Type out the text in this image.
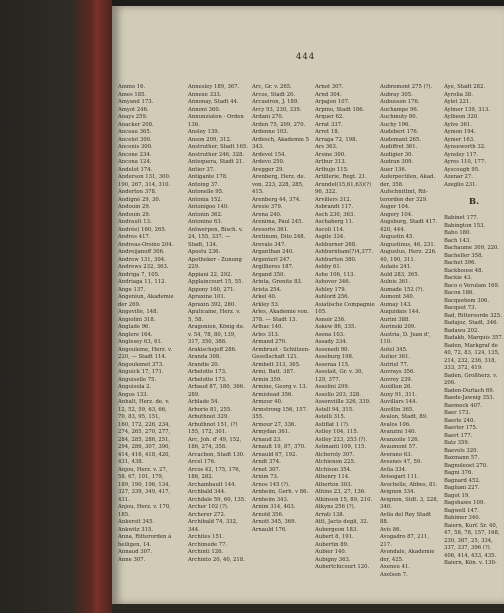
444
Ammo 16.
Ames 185.
Amyand 173.
Amyot 246.
Anays 259.
Anacker 208.
Anceau 365.
Ancelot 300.
Ancenis 300.
Ancone 234.
Ancona 124.
Andelot 174.
Anderson 131, 300.
190, 267, 314, 310.
Anderton 378.
Andigné 29, 30.
Andouin 29.
Andouin 29.
Andrault 13.
Andrée) 160, 265.
Andres 417.
Andreas-Orsino 204.
Andreijanoff 306.
Andrew 131, 304.
Andrews 232, 363.
Andriga 7, 105.
Andriaga 11, 112.
Ange 137.
Angeniun, Akademie
der 269.
Angeville, 148.
Angiolini 318.
Anglade 96.
Anglere 164.
Anglesey 63, 61.
Angouleme, Herz. v.
220, — Stadt 114.
Angoulemet 373.
Anguick 17, 171.
Anguiselle 75.
Anguisola 2.
Angus 133.
Anhalt, Herz. de. v.
12, 52, 59, 63, 66,
70, 83, 95, 151,
160, 172, 226, 234,
274, 265, 270, 277,
284, 285, 286, 251,
294, 286, 307, 390,
414, 416, 418, 420,
431, 438.
Anjou, Herz. v. 27,
58, 67, 101, 179,
189, 190, 196, 134,
327, 339, 349, 417,
431.
Anjou, Herz. v. 170,
185.
Ankersit 345.
Ankwitz 315.
Anna, Ritterorden à
heiligen, 14.
Annaud 307.
Anne 307.
Annesley 189, 367.
Annexe 333.
Annonay, Stadt 44.
Annoni 360.
Annunziaten - Orden
136.
Ansley 139.
Anson 209, 312.
Anstruther, Stadt 165.
Anstruther 246, 328.
Antequera, Stadt 21.
Antier 37.
Antigante 178.
Antoing 37.
Antonelle 95.
Antonia 152.
Antonigoo 140.
Antonin 362.
Antonine 63.
Antwerpen, Bisch. v.
24, 155, 337. —
Stadt, 134.
Apostu 236.
Apotheker - Zunung
229.
Appiani 22, 292.
Applaincourt 15, 55.
Appony 160, 271.
Apraxine 101.
Apraxin 392, 280.
Apulicaine, Herz. v.
5, 58.
Aragonien, König de.
v. 54, 78, 80, 139,
317, 350, 388.
Arakischejeff 286.
Aranda 308.
Arandie 20.
Arbelotte 173.
Arbelotte 173.
Arbaud 87, 180, 366.
289.
Arblade 54.
Arborio 81, 255.
Arbuthnot 329.
Arbuthnot 151, (?)
155, 172, 301.
Arc, Joh. d' 49, 152,
186, 274, 358.
Arcachon, Stadt 130.
Arcel 176.
Arcos 42, 175, 176,
186, 282.
Archambault 144.
Archbald 344.
Archdale 59, 60, 135.
Archer 102 (?).
Archerer 272.
Archibald 74, 332,
344.
Archites 151.
Archimede 77.
Archinti 126.
Archinto 20, 40, 218.
Arc, Gr. v. 265.
Arcos, Stadt 20.
Arcueiron, J. 189.
Arcy 93, 230, 339.
Ardani 270.
Arden 75, 209, 270.
Ardenne 103.
Ardesch, Akademie 5
343.
Ardevel 154.
Ardevo 250.
Aregger 29.
Arenberg, Herz. de.
von, 223, 228, 285,
415.
Arenberg 44, 374.
Aresio 379.
Arena 240.
Arenima, Paul 245.
Aresorto 361.
Aretinum, Dito 248.
Arevalo 347.
Arganthan 240.
Argenterl 247.
Argillieres 187.
Argand 350.
Arinta, Grenite 83.
Arista 254.
Arkel 40.
Arkley 53.
Arles, Akademie von.
378. — Stadt 13.
Arlhac 140.
Arles 313.
Armand 270.
Armbruet - Schützen-
Gesellschaft 121.
Armbelt 313, 365.
Armi, Batt. 387.
Armin 359.
Armine, Georg v. 13.
Armistead 356.
Armour 40.
Armstrong 156, 157.
355.
Armour 27, 336.
Armydan 361.
Arnaud 23.
Arnault 19, 87, 370.
Arnauld 67, 192.
Arndt 374.
Arnet 307.
Arnim 73.
Arnos 145 (?).
Arnheim, Gerh. v 86.
Arnheim 343.
Arnim 314, 403.
Arnold 356.
Arnott 345, 369.
Arnauld 176.
Arnot 307.
Arnd 304.
Arpajon 107.
Arpino, Stadt 186.
Arquer 62.
Arrat 337.
Arret 18.
Arraga 72, 198.
Ars 363.
Arsine 300.
Arthur 313.
Arthujo 115.
Artillerie, Regt. 21.
Arundel(15,61,63)(?)
96, 322.
Arvillers 312.
Asbrandt 117.
Asch 230, 363.
Aschaberg 11.
Ascoli 114.
Asgile 334.
Ashburner 268.
Ashburnham(?)4,377.
Ashburton 380.
Ashby 61.
Ashe 106, 113.
Ashover 346.
Ashley 179.
Ashlord 256.
Asiatische Compagnie
105.
Asnoir 236.
Askew 86, 335.
Asona 103.
Assady 334.
Assenedi 90.
Asseburg 198.
Asseraa 115.
Assolait, Gr. v. 30,
129, 377.
Assolini 299.
Assollo 203, 328.
Assonviille 326, 339.
Astell 94, 315.
Astelli 315.
Astiflat 1 (?).
Astley 104, 115.
Astley 223, 253 (?).
Astmanti 109, 115.
Atcheroly 307.
Atchienon 225.
Atchison 354.
Athenry 114.
Atherton 303.
Athins 23, 27, 136.
Atkinson 15, 89, 210.
Atkyns 256 (?).
Arrati 138.
Attl, Jacto degli, 32.
Aubergeon 183.
Aubert 8, 191.
Aubertin 89.
Aubier 140.
Aubigny 363.
Aubertchicourt 120.
Aubremont 275 (?).
Aubray 305.
Aubusson 176.
Auchampe 96.
Auchmuty 80.
Auchy 196.
Audebert 176.
Audemant 265.
Audiffret 361.
Audigier 30.
Audran 309.
Auer 136.
Auferpectilen, Akad.
der, 358.
Aufschnittmt, Rit-
terorden der 329.
Auger 104.
Augery 104.
Augsburg, Stadt 417.
420, 444.
Augustin 45.
Augustinus, 46, 231.
Augustus, Herz. 226.
40, 190, 311.
Aulaiis 241.
Auld 283, 365.
Aulnis 361.
Aumade 152 (?).
Aumont 340.
Aumay 143.
Auquidais 144.
Aurini 388.
Aurinski 209.
Austria, D. Juan d',
110.
Autel 345.
Autier 361.
Autriel 77.
Auvrays 356.
Auvrey 239.
Auxillon 26.
Auxy 91, 311.
Auvillars 144.
Auvillin 365.
Avalon, Stadt, 89.
Avalos 106.
Avanzini 140.
Avanzoile 126.
Avaumont 57.
Averano 63.
Avesnes 47, 59.
Avila 334.
Avisogart 111.
Avochelle, Abbes, 81.
Avignon 334.
Avignon, Stdt. 3, 228,
340.
Avila del Rey Stadt
88.
Avis 86.
Avogadro 87, 211,
217.
Avondale, Akademie
der, 425.
Axeneu 41.
Axelson 7.
Aye, Stadt 282.
Ayrolia 38.
Aylet 221.
Aylmer 139, 313.
Aylbeon 320.
Aylve 361.
Aymon 194.
Aymer 163.
Aynseworth 32.
Aynsley 117.
Ayres 110, 177.
Ayscough 95.
Azenar 27.
Azeglio 231.

B.

Babinet 177.
Babington 153.
Babo 180.
Bach 143.
Bachaume 309, 220.
Bacheller 358.
Bachet 396.
Backhouse 48.
Backie 43.
Baco o Verulam 169.
Bacon 186.
Bacquehem 306.
Bacquet 73.
Bad, Rittersorde 325.
Badajoz, Stadt, 346.
Badawu 202.
Badakh, Marquis 357.
Baden, Markgraf de
40, 72, 83, 124, 135,
214, 232, 236, 318,
333, 372, 419.
Baden, Großherz. v.
206.
Baden-Durlach 69.
Baede-Jawnig 353.
Baemeck 407.
Baer 173.
Baerle 240.
Baerler 175.
Baert 177.
Batz 359.
Baevels 320.
Baxmann 57.
Bagnoleoet 270.
Bagni 376.
Bagnard 452.
Bagliani 227.
Bagot 19.
Bagshawe 109.
Bagwell 147.
Bahimer 340.
Baiern, Kurf. Sr. 40,
47, 58, 78, 157, 168,
230, 387, 25, 334,
337, 337, 396 (?).
406, 414, 433, 435.
Baiern, Kön. v. 130-
